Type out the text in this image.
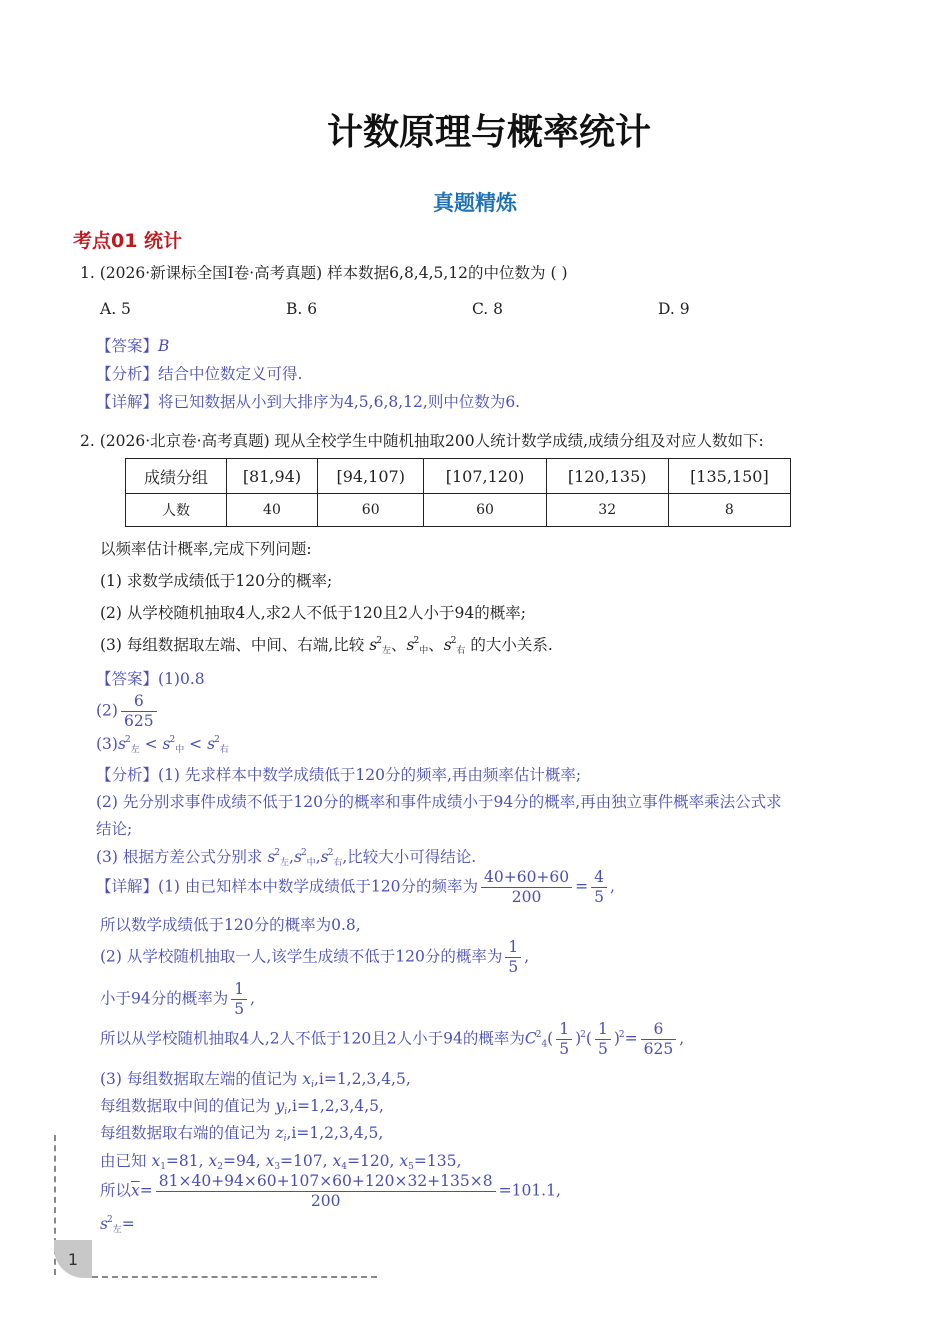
计数原理与概率统计
真题精炼
考点01 统计
1. (2026·新课标全国Ⅰ卷·高考真题) 样本数据6,8,4,5,12的中位数为 ( )
A. 5	B. 6	C. 8	D. 9
【答案】B
【分析】结合中位数定义可得.
【详解】将已知数据从小到大排序为4,5,6,8,12,则中位数为6.
2. (2026·北京卷·高考真题) 现从全校学生中随机抽取200人统计数学成绩,成绩分组及对应人数如下:
成绩分组	[81,94)	[94,107)	[107,120)	[120,135)	[135,150]
人数	40	60	60	32	8
以频率估计概率,完成下列问题:
(1) 求数学成绩低于120分的概率;
(2) 从学校随机抽取4人,求2人不低于120且2人小于94的概率;
(3) 每组数据取左端、中间、右端,比较 $s^2_左$、$s^2_中$、$s^2_右$ 的大小关系.
【答案】(1)0.8
$(2) \frac{6}{625}$
$(3)s^2_左 < s^2_中 < s^2_右$
【分析】(1) 先求样本中数学成绩低于120分的频率,再由频率估计概率;
(2) 先分别求事件成绩不低于120分的概率和事件成绩小于94分的概率,再由独立事件概率乘法公式求
结论;
(3) 根据方差公式分别求 $s^2_左,s^2_中,s^2_右$,比较大小可得结论.
【详解】(1) 由已知样本中数学成绩低于120分的频率为 $\frac{40+60+60}{200} = \frac{4}{5}$ ,
所以数学成绩低于120分的概率为0.8,
(2) 从学校随机抽取一人,该学生成绩不低于120分的概率为 $\frac{1}{5}$ ,
小于94分的概率为 $\frac{1}{5}$ ,
所以从学校随机抽取4人,2人不低于120且2人小于94的概率为$C^2_4( \frac{1}{5} )^2( \frac{1}{5} )^2= \frac{6}{625}$ ,
(3) 每组数据取左端的值记为 $x_i,i=1,2,3,4,5$,
每组数据取中间的值记为 $y_i,i=1,2,3,4,5$,
每组数据取右端的值记为 $z_i,i=1,2,3,4,5$,
由已知 $x_1=81$, $x_2=94$, $x_3=107$, $x_4=120$, $x_5=135$,
所以$\overline{x}= \frac{81\times 40+94\times 60+107\times 60+120\times 32+135\times 8}{200} =101.1$,
$s^2_左=$
1
